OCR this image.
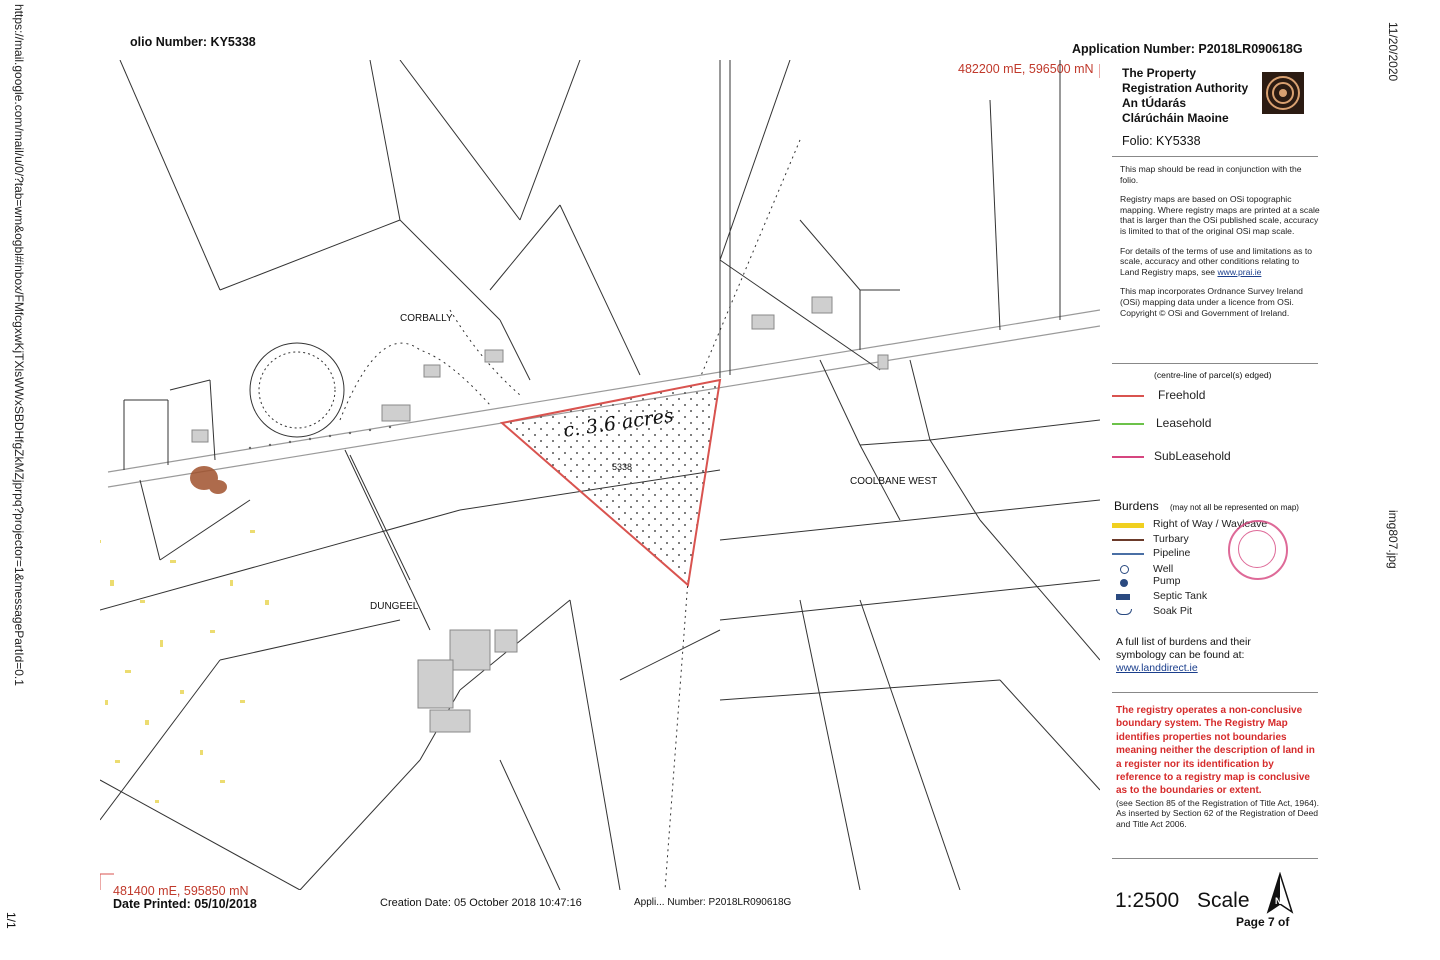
https://mail.google.com/mail/u/0/?tab=wm&ogbl#inbox/FMfcgxwKjTXlsWWxSBDHfgZkMZjprpq?projector=1&messagePartId=0.1
1/1
11/20/2020
img807.jpg
olio Number: KY5338	Application Number: P2018LR090618G
482200 mE, 596500 mN
CORBALLY
COOLBANE WEST
DUNGEEL
5338
c. 3.6 acres
The Property
Registration Authority
An tÚdarás
Clárúcháin Maoine
Folio: KY5338

This map should be read in conjunction with the folio.

Registry maps are based on OSi topographic mapping. Where registry maps are printed at a scale that is larger than the OSi published scale, accuracy is limited to that of the original OSi map scale.

For details of the terms of use and limitations as to scale, accuracy and other conditions relating to Land Registry maps, see www.prai.ie

This map incorporates Ordnance Survey Ireland (OSi) mapping data under a licence from OSi. Copyright © OSi and Government of Ireland.

(centre-line of parcel(s) edged)
Freehold
Leasehold
SubLeasehold
Burdens (may not all be represented on map)
Right of Way / Wayleave
Turbary
Pipeline
Well
Pump
Septic Tank
Soak Pit
A full list of burdens and their symbology can be found at:
www.landdirect.ie

The registry operates a non-conclusive boundary system. The Registry Map identifies properties not boundaries meaning neither the description of land in a register nor its identification by reference to a registry map is conclusive as to the boundaries or extent.

(see Section 85 of the Registration of Title Act, 1964). As inserted by Section 62 of the Registration of Deed and Title Act 2006.

481400 mE, 595850 mN
Date Printed: 05/10/2018	Creation Date: 05 October 2018 10:47:16	Appli... Number: P2018LR090618G	1:2500 Scale	N
Page 7 of
